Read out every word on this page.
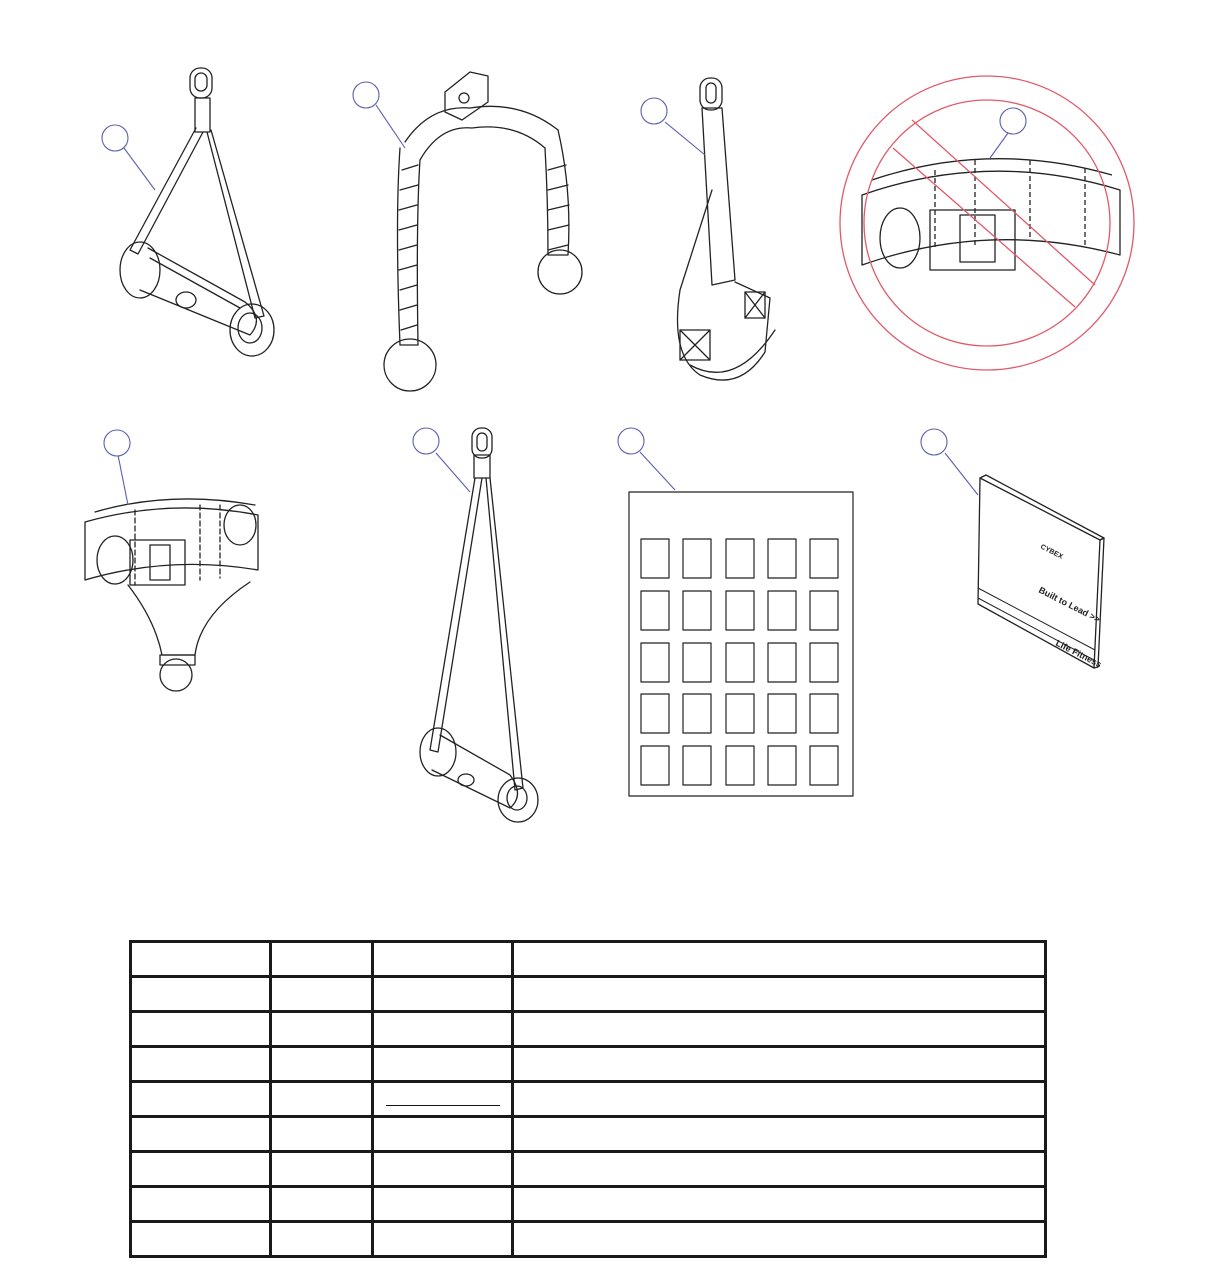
CYBEX
Built to Lead >>
Life Fitness
